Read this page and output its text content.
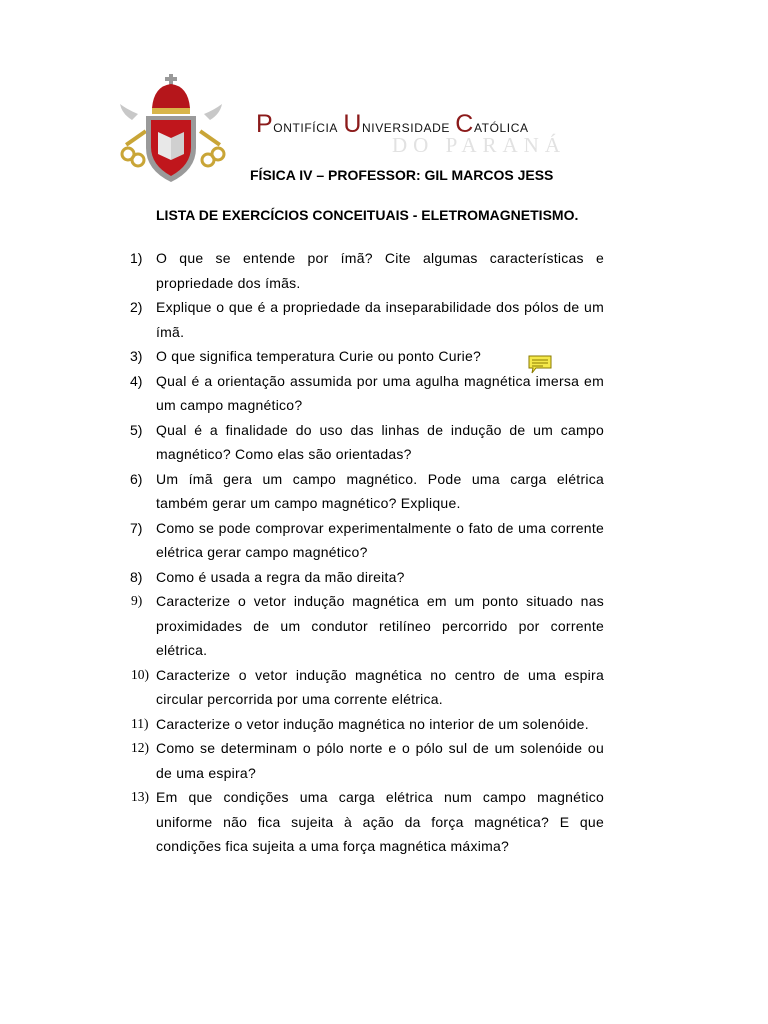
Pontifícia Universidade Católica
DO PARANÁ
FÍSICA IV – PROFESSOR: GIL MARCOS JESS
LISTA DE EXERCÍCIOS CONCEITUAIS - ELETROMAGNETISMO.
1) O que se entende por ímã? Cite algumas características e propriedade dos ímãs.
2) Explique o que é a propriedade da inseparabilidade dos pólos de um ímã.
3) O que significa temperatura Curie ou ponto Curie?
4) Qual é a orientação assumida por uma agulha magnética imersa em um campo magnético?
5) Qual é a finalidade do uso das linhas de indução de um campo magnético? Como elas são orientadas?
6) Um ímã gera um campo magnético. Pode uma carga elétrica também gerar um campo magnético? Explique.
7) Como se pode comprovar experimentalmente o fato de uma corrente elétrica gerar campo magnético?
8) Como é usada a regra da mão direita?
9) Caracterize o vetor indução magnética em um ponto situado nas proximidades de um condutor retilíneo percorrido por corrente elétrica.
10) Caracterize o vetor indução magnética no centro de uma espira circular percorrida por uma corrente elétrica.
11) Caracterize o vetor indução magnética no interior de um solenóide.
12) Como se determinam o pólo norte e o pólo sul de um solenóide ou de uma espira?
13) Em que condições uma carga elétrica num campo magnético uniforme não fica sujeita à ação da força magnética? E que condições fica sujeita a uma força magnética máxima?
